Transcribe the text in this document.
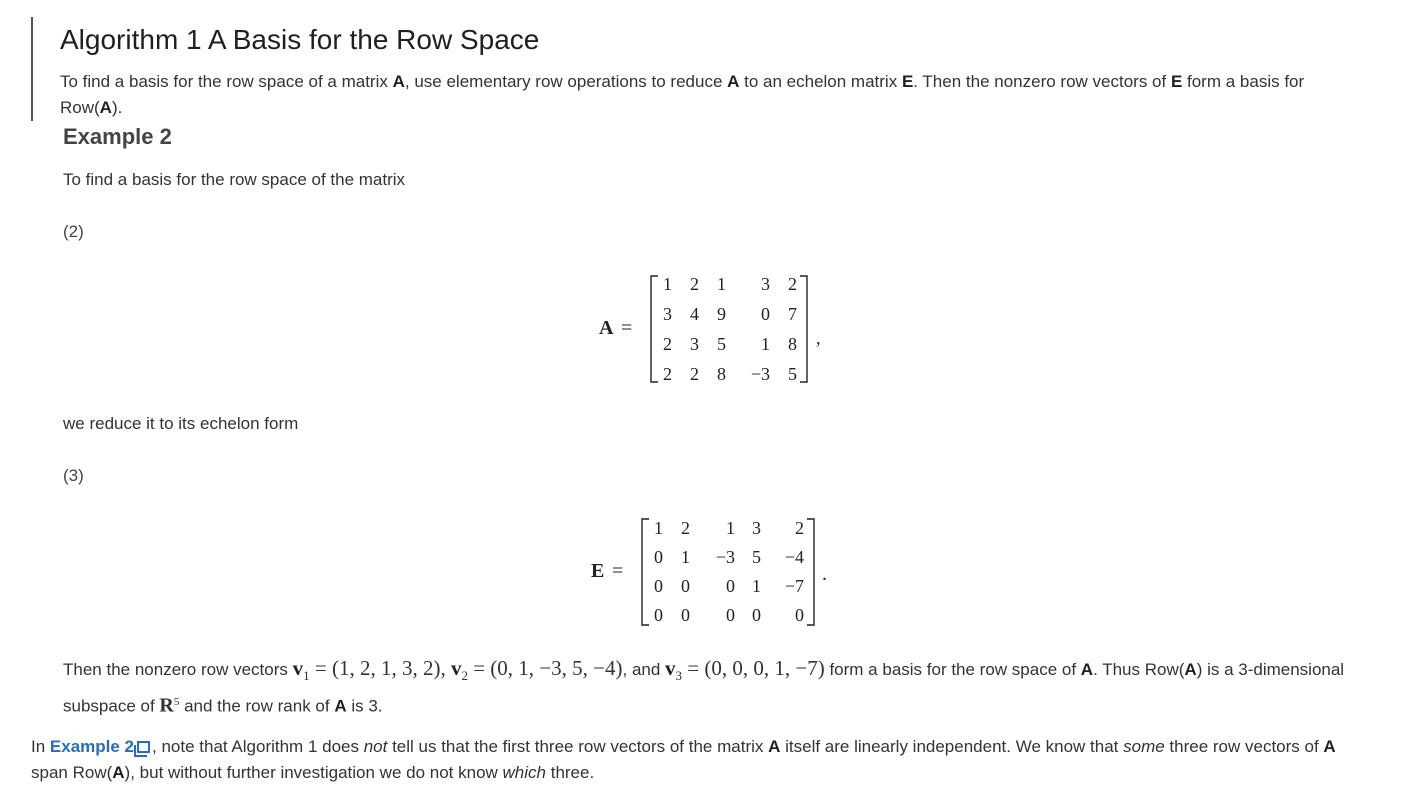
Algorithm 1 A Basis for the Row Space
To find a basis for the row space of a matrix A, use elementary row operations to reduce A to an echelon matrix E. Then the nonzero row vectors of E form a basis for Row(A).
Example 2
To find a basis for the row space of the matrix
(2)
A =	,
1 2 1 3 2
3 4 9 0 7
2 3 5 1 8
2 2 8 −3 5
E =	.
1 2 1 3 2
0 1 −3 5 −4
0 0 0 1 −7
0 0 0 0 0
we reduce it to its echelon form
(3)
Then the nonzero row vectors $v_1 = (1$, 2, 1, 3, 2), $v_2 = (0$, 1, −3, 5, −4), and $v_3 = (0$, 0, 0, 1, −7) form a basis for the row space of A. Thus Row(A) is a 3-dimensional subspace of $R^5$ and the row rank of A is 3.
In Example 2 , note that Algorithm 1 does not tell us that the first three row vectors of the matrix A itself are linearly independent. We know that some three row vectors of A span Row(A), but without further investigation we do not know which three.
